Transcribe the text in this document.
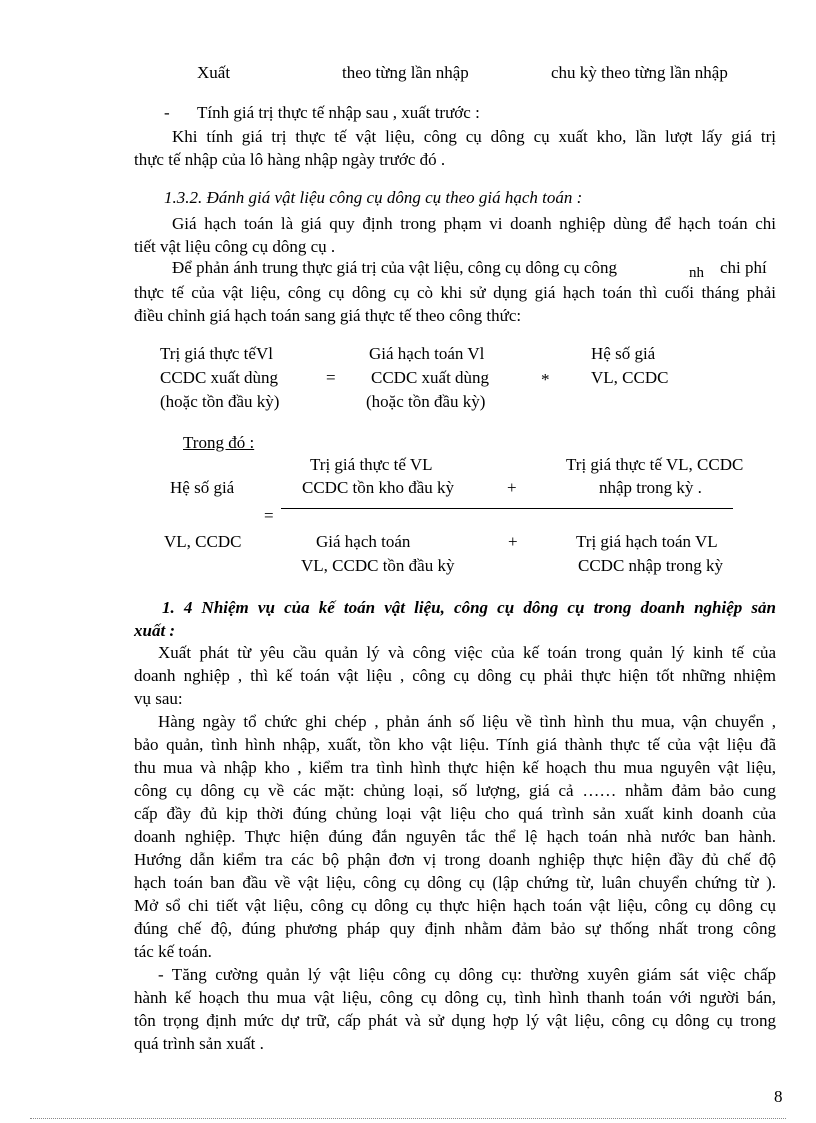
Xuất	theo từng lần nhập	chu kỳ theo từng lần nhập
- Tính giá trị thực tế nhập sau , xuất trước :
Khi tính giá trị thực tế vật liệu, công cụ dông cụ xuất kho, lần lượt lấy giá trị
thực tế nhập của lô hàng nhập ngày trước đó .
1.3.2. Đánh giá vật liệu công cụ dông cụ theo giá hạch toán :
Giá hạch toán là giá quy định trong phạm vi doanh nghiệp dùng để hạch toán chi
tiết vật liệu công cụ dông cụ .
Để phản ánh trung thực giá trị của vật liệu, công cụ dông cụ công	nh chi phí
thực tế của vật liệu, công cụ dông cụ cò khi sử dụng giá hạch toán thì cuối tháng phải
điều chỉnh giá hạch toán sang giá thực tế theo công thức:
Trị giá thực tếVl
CCDC xuất dùng
(hoặc tồn đầu kỳ)
=
Giá hạch toán Vl
CCDC xuất dùng
(hoặc tồn đầu kỳ)
*
Hệ số giá
VL, CCDC
Trong đó :
Trị giá thực tế VL
CCDC tồn kho đầu kỳ
Trị giá thực tế VL, CCDC
nhập trong kỳ .
Hệ số giá	+
=
VL, CCDC	Giá hạch toán	+	Trị giá hạch toán VL
VL, CCDC tồn đầu kỳ	CCDC nhập trong kỳ
1. 4 Nhiệm vụ của kế toán vật liệu, công cụ dông cụ trong doanh nghiệp sản
xuất :
Xuất phát từ yêu cầu quản lý và công việc của kế toán trong quản lý kinh tế của
doanh nghiệp , thì kế toán vật liệu , công cụ dông cụ phải thực hiện tốt những nhiệm
vụ sau:
Hàng ngày tổ chức ghi chép , phản ánh số liệu về tình hình thu mua, vận chuyển ,
bảo quản, tình hình nhập, xuất, tồn kho vật liệu. Tính giá thành thực tế của vật liệu đã
thu mua và nhập kho , kiểm tra tình hình thực hiện kế hoạch thu mua nguyên vật liệu,
công cụ dông cụ về các mặt: chủng loại, số lượng, giá cả …… nhằm đảm bảo cung
cấp đầy đủ kịp thời đúng chủng loại vật liệu cho quá trình sản xuất kinh doanh của
doanh nghiệp. Thực hiện đúng đắn nguyên tắc thể lệ hạch toán nhà nước ban hành.
Hướng dẫn kiểm tra các bộ phận đơn vị trong doanh nghiệp thực hiện đầy đủ chế độ
hạch toán ban đầu về vật liệu, công cụ dông cụ (lập chứng từ, luân chuyển chứng từ ).
Mở sổ chi tiết vật liệu, công cụ dông cụ thực hiện hạch toán vật liệu, công cụ dông cụ
đúng chế độ, đúng phương pháp quy định nhằm đảm bảo sự thống nhất trong công
tác kế toán.
- Tăng cường quản lý vật liệu công cụ dông cụ: thường xuyên giám sát việc chấp
hành kế hoạch thu mua vật liệu, công cụ dông cụ, tình hình thanh toán với người bán,
tôn trọng định mức dự trữ, cấp phát và sử dụng hợp lý vật liệu, công cụ dông cụ trong
quá trình sản xuất .
8
